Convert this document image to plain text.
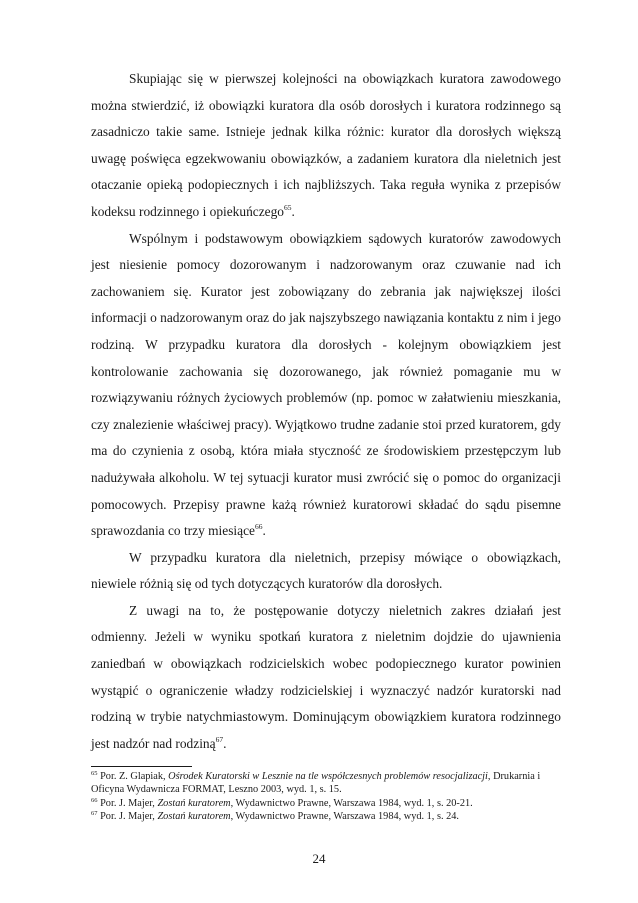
Skupiając się w pierwszej kolejności na obowiązkach kuratora zawodowego można stwierdzić, iż obowiązki kuratora dla osób dorosłych i kuratora rodzinnego są zasadniczo takie same. Istnieje jednak kilka różnic: kurator dla dorosłych większą uwagę poświęca egzekwowaniu obowiązków, a zadaniem kuratora dla nieletnich jest otaczanie opieką podopiecznych i ich najbliższych. Taka reguła wynika z przepisów kodeksu rodzinnego i opiekuńczego$^{65}$.

Wspólnym i podstawowym obowiązkiem sądowych kuratorów zawodowych jest niesienie pomocy dozorowanym i nadzorowanym oraz czuwanie nad ich zachowaniem się. Kurator jest zobowiązany do zebrania jak największej ilości informacji o nadzorowanym oraz do jak najszybszego nawiązania kontaktu z nim i jego rodziną. W przypadku kuratora dla dorosłych - kolejnym obowiązkiem jest kontrolowanie zachowania się dozorowanego, jak również pomaganie mu w rozwiązywaniu różnych życiowych problemów (np. pomoc w załatwieniu mieszkania, czy znalezienie właściwej pracy). Wyjątkowo trudne zadanie stoi przed kuratorem, gdy ma do czynienia z osobą, która miała styczność ze środowiskiem przestępczym lub nadużywała alkoholu. W tej sytuacji kurator musi zwrócić się o pomoc do organizacji pomocowych. Przepisy prawne każą również kuratorowi składać do sądu pisemne sprawozdania co trzy miesiące$^{66}$.

W przypadku kuratora dla nieletnich, przepisy mówiące o obowiązkach, niewiele różnią się od tych dotyczących kuratorów dla dorosłych.

Z uwagi na to, że postępowanie dotyczy nieletnich zakres działań jest odmienny. Jeżeli w wyniku spotkań kuratora z nieletnim dojdzie do ujawnienia zaniedbań w obowiązkach rodzicielskich wobec podopiecznego kurator powinien wystąpić o ograniczenie władzy rodzicielskiej i wyznaczyć nadzór kuratorski nad rodziną w trybie natychmiastowym. Dominującym obowiązkiem kuratora rodzinnego jest nadzór nad rodziną$^{67}$.

$^{65}$ Por. Z. Glapiak, Ośrodek Kuratorski w Lesznie na tle współczesnych problemów resocjalizacji, Drukarnia i Oficyna Wydawnicza FORMAT, Leszno 2003, wyd. 1, s. 15.

$^{66}$ Por. J. Majer, Zostań kuratorem, Wydawnictwo Prawne, Warszawa 1984, wyd. 1, s. 20-21.

$^{67}$ Por. J. Majer, Zostań kuratorem, Wydawnictwo Prawne, Warszawa 1984, wyd. 1, s. 24.

24
